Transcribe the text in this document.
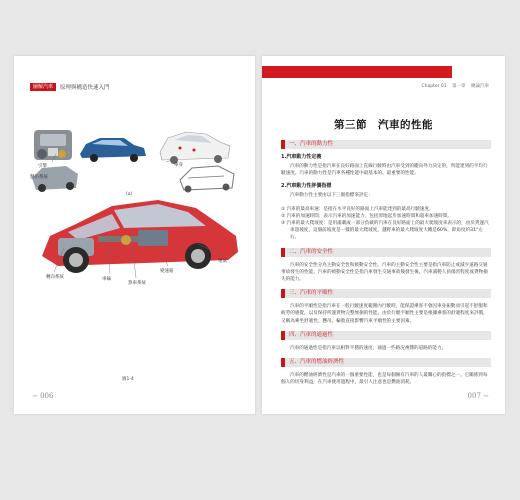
圖解汽車	原理與構造快速入門
引擎
懸吊系統
車身
(a)
轉向系統	車輪
煞車系統
變速箱
電氣
圖1-4
∽ 006
Chapter 01 第一章 總論汽車
第三節　汽車的性能
一、汽車的動力性
1.汽車動力性定義
汽車的動力性是指汽車在良好路面上直線行駛時由汽車受到的縱向外力決定的，所能達到的平均行駛速度。汽車的動力性是汽車各種性能中最基本的、最重要的性能。
2.汽車動力性評價指標
汽車動力性主要由以下三個指標來評定：
① 汽車的最高車速：是指在水平良好的路面上汽車能達到的最高行駛速度。
② 汽車的加速時間：表示汽車的加速能力，包括原地起步加速時間和超車加速時間。
③ 汽車的最大爬坡度：是用滿載或一部分負載的汽車在良好路面上的最大爬坡度來表示的，由於貨運汽車超坡度，這個前坡度是一樣的最大爬坡度，越野車的最大爬坡度大概是60%，即角度約31°左右。
二、汽車的安全性
汽車的安全性分為主動安全性和被動安全性。汽車的主動安全性主要是指汽車防止或減少道路交通事故發生的性能。汽車的被動安全性是指汽車發生交通事故後發生後，汽車減輕人員傷害程度或貨物損失的能力。
三、汽車的平順性
汽車的平順性是指汽車在一般行駛速度範圍內行駛時，能保證乘客不會因車身振動而引起不舒服和疲勞的感覺，以及保持所運貨物完整無損的性能。由於行駛平順性主要是根據乘客的舒適程度來評價，又稱為乘坐舒適性。懸吊、輪胎直接影響汽車平順性的主要因素。
四、汽車的通過性
汽車的通過性是指汽車以相對平穩的速度，通過一些路況複雜的道路的能力。
五、汽車的燃油經濟性
汽車的燃油經濟性是汽車的一個重要性能，也是每個擁有汽車的人最關心的指標之一。它關係到每個人的切身利益，在汽車使用過程中，最引人注意也是燃油消耗。
007 ∼
